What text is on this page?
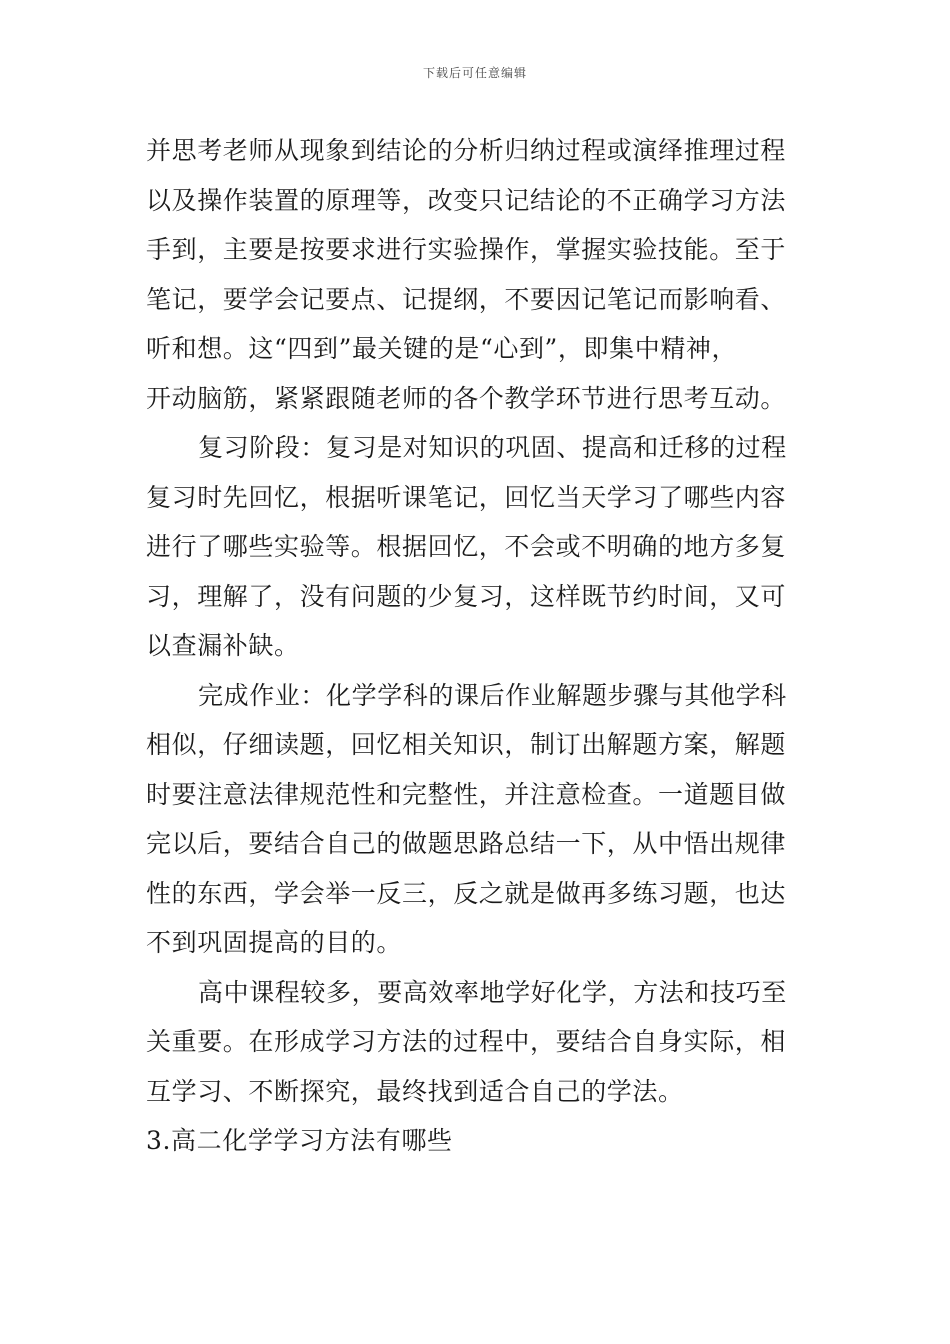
下载后可任意编辑
并思考老师从现象到结论的分析归纳过程或演绎推理过程
以及操作装置的原理等，改变只记结论的不正确学习方法
手到，主要是按要求进行实验操作，掌握实验技能。至于
笔记，要学会记要点、记提纲，不要因记笔记而影响看、
听和想。这“四到”最关键的是“心到”，即集中精神，
开动脑筋，紧紧跟随老师的各个教学环节进行思考互动。
复习阶段：复习是对知识的巩固、提高和迁移的过程
复习时先回忆，根据听课笔记，回忆当天学习了哪些内容
进行了哪些实验等。根据回忆，不会或不明确的地方多复
习，理解了，没有问题的少复习，这样既节约时间，又可
以查漏补缺。
完成作业：化学学科的课后作业解题步骤与其他学科
相似，仔细读题，回忆相关知识，制订出解题方案，解题
时要注意法律规范性和完整性，并注意检查。一道题目做
完以后，要结合自己的做题思路总结一下，从中悟出规律
性的东西，学会举一反三，反之就是做再多练习题，也达
不到巩固提高的目的。
高中课程较多，要高效率地学好化学，方法和技巧至
关重要。在形成学习方法的过程中，要结合自身实际，相
互学习、不断探究，最终找到适合自己的学法。
3.高二化学学习方法有哪些
